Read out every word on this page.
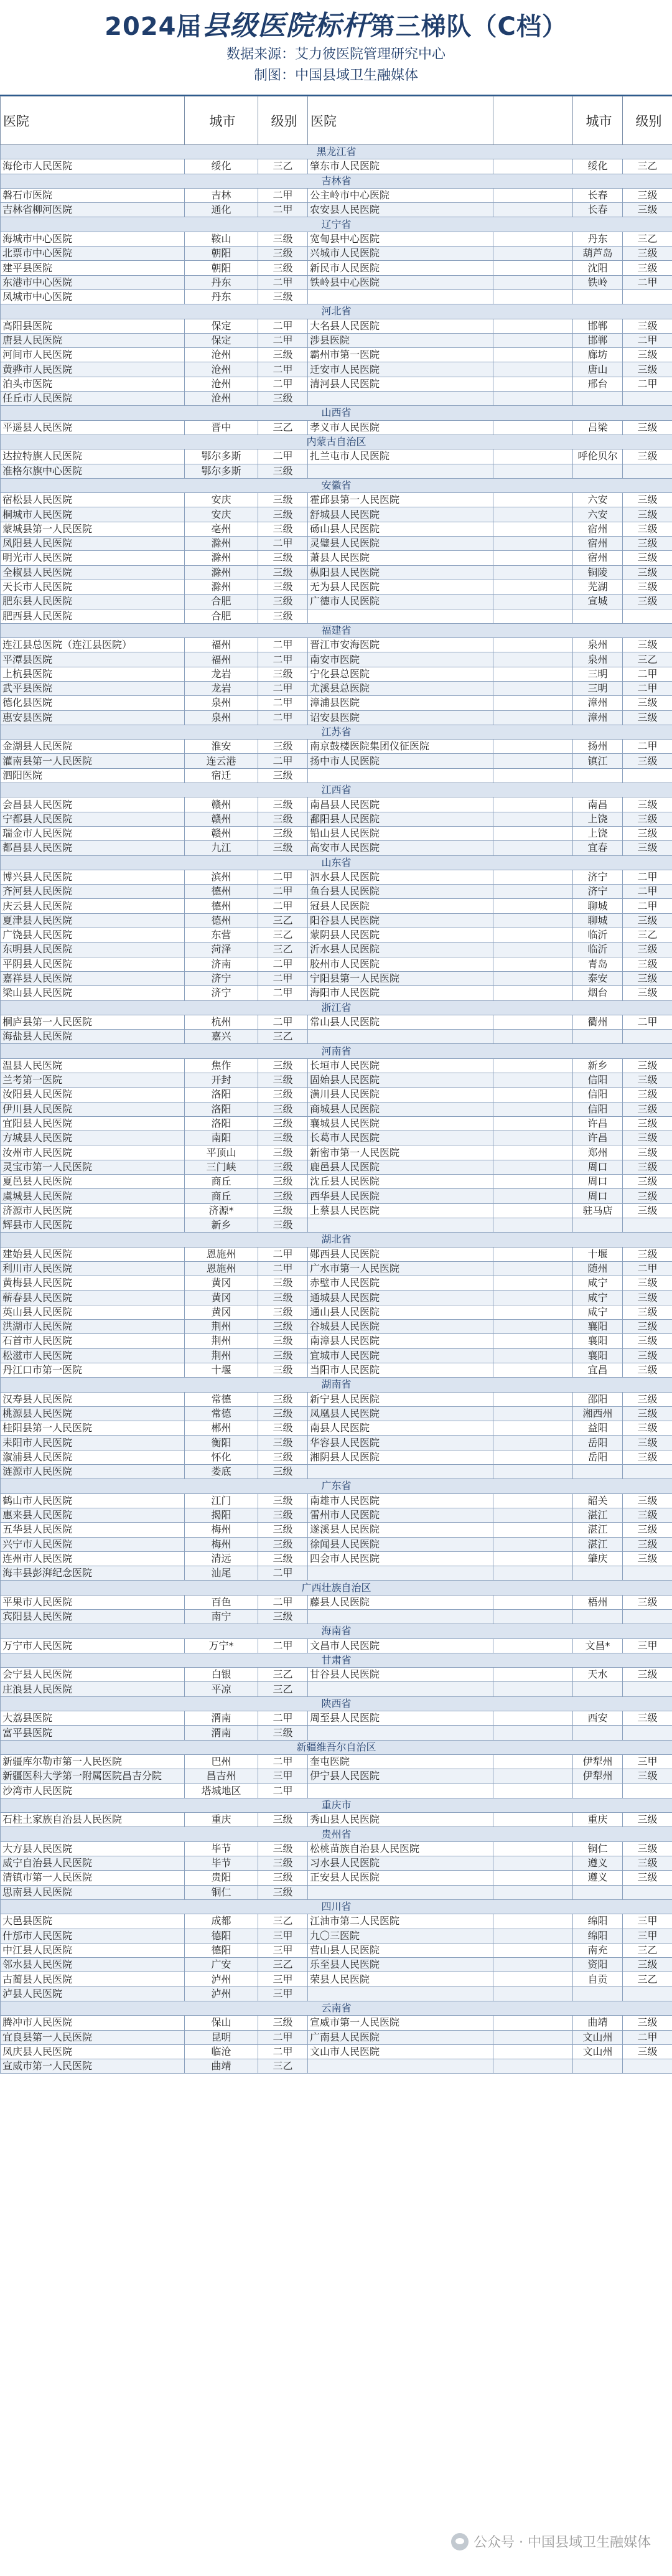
2024届县级医院标杆第三梯队（C档）
数据来源：艾力彼医院管理研究中心
制图：中国县域卫生融媒体
医院	城市	级别	医院		城市	级别
黑龙江省						
海伦市人民医院	绥化	三乙	肇东市人民医院		绥化	三乙
吉林省						
磐石市医院	吉林	二甲	公主岭市中心医院		长春	三级
吉林省柳河医院	通化	二甲	农安县人民医院		长春	三级
辽宁省						
海城市中心医院	鞍山	三级	宽甸县中心医院		丹东	三乙
北票市中心医院	朝阳	三级	兴城市人民医院		葫芦岛	三级
建平县医院	朝阳	三级	新民市人民医院		沈阳	三级
东港市中心医院	丹东	二甲	铁岭县中心医院		铁岭	二甲
凤城市中心医院	丹东	三级				
河北省						
高阳县医院	保定	二甲	大名县人民医院		邯郸	三级
唐县人民医院	保定	二甲	涉县医院		邯郸	二甲
河间市人民医院	沧州	三级	霸州市第一医院		廊坊	三级
黄骅市人民医院	沧州	二甲	迁安市人民医院		唐山	三级
泊头市医院	沧州	二甲	清河县人民医院		邢台	二甲
任丘市人民医院	沧州	三级				
山西省						
平遥县人民医院	晋中	三乙	孝义市人民医院		吕梁	三级
内蒙古自治区						
达拉特旗人民医院	鄂尔多斯	二甲	扎兰屯市人民医院		呼伦贝尔	三级
准格尔旗中心医院	鄂尔多斯	三级				
安徽省						
宿松县人民医院	安庆	三级	霍邱县第一人民医院		六安	三级
桐城市人民医院	安庆	三级	舒城县人民医院		六安	三级
蒙城县第一人民医院	亳州	三级	砀山县人民医院		宿州	三级
凤阳县人民医院	滁州	二甲	灵璧县人民医院		宿州	三级
明光市人民医院	滁州	三级	萧县人民医院		宿州	三级
全椒县人民医院	滁州	三级	枞阳县人民医院		铜陵	三级
天长市人民医院	滁州	三级	无为县人民医院		芜湖	三级
肥东县人民医院	合肥	三级	广德市人民医院		宣城	三级
肥西县人民医院	合肥	三级				
福建省						
连江县总医院（连江县医院）	福州	二甲	晋江市安海医院		泉州	三级
平潭县医院	福州	二甲	南安市医院		泉州	三乙
上杭县医院	龙岩	三级	宁化县总医院		三明	二甲
武平县医院	龙岩	二甲	尤溪县总医院		三明	二甲
德化县医院	泉州	二甲	漳浦县医院		漳州	三级
惠安县医院	泉州	二甲	诏安县医院		漳州	三级
江苏省						
金湖县人民医院	淮安	三级	南京鼓楼医院集团仪征医院		扬州	二甲
灌南县第一人民医院	连云港	二甲	扬中市人民医院		镇江	三级
泗阳医院	宿迁	三级				
江西省						
会昌县人民医院	赣州	三级	南昌县人民医院		南昌	三级
宁都县人民医院	赣州	三级	鄱阳县人民医院		上饶	三级
瑞金市人民医院	赣州	三级	铅山县人民医院		上饶	三级
都昌县人民医院	九江	三级	高安市人民医院		宜春	三级
山东省						
博兴县人民医院	滨州	二甲	泗水县人民医院		济宁	二甲
齐河县人民医院	德州	二甲	鱼台县人民医院		济宁	二甲
庆云县人民医院	德州	二甲	冠县人民医院		聊城	二甲
夏津县人民医院	德州	三乙	阳谷县人民医院		聊城	三级
广饶县人民医院	东营	三乙	蒙阴县人民医院		临沂	三乙
东明县人民医院	菏泽	三乙	沂水县人民医院		临沂	三级
平阴县人民医院	济南	二甲	胶州市人民医院		青岛	三级
嘉祥县人民医院	济宁	二甲	宁阳县第一人民医院		泰安	三级
梁山县人民医院	济宁	二甲	海阳市人民医院		烟台	三级
浙江省						
桐庐县第一人民医院	杭州	二甲	常山县人民医院		衢州	二甲
海盐县人民医院	嘉兴	三乙				
河南省						
温县人民医院	焦作	三级	长垣市人民医院		新乡	三级
兰考第一医院	开封	三级	固始县人民医院		信阳	三级
汝阳县人民医院	洛阳	三级	潢川县人民医院		信阳	三级
伊川县人民医院	洛阳	三级	商城县人民医院		信阳	三级
宜阳县人民医院	洛阳	三级	襄城县人民医院		许昌	三级
方城县人民医院	南阳	三级	长葛市人民医院		许昌	三级
汝州市人民医院	平顶山	三级	新密市第一人民医院		郑州	三级
灵宝市第一人民医院	三门峡	三级	鹿邑县人民医院		周口	三级
夏邑县人民医院	商丘	三级	沈丘县人民医院		周口	三级
虞城县人民医院	商丘	三级	西华县人民医院		周口	三级
济源市人民医院	济源*	三级	上蔡县人民医院		驻马店	三级
辉县市人民医院	新乡	三级				
湖北省						
建始县人民医院	恩施州	二甲	郧西县人民医院		十堰	三级
利川市人民医院	恩施州	二甲	广水市第一人民医院		随州	二甲
黄梅县人民医院	黄冈	三级	赤壁市人民医院		咸宁	三级
蕲春县人民医院	黄冈	三级	通城县人民医院		咸宁	三级
英山县人民医院	黄冈	三级	通山县人民医院		咸宁	三级
洪湖市人民医院	荆州	三级	谷城县人民医院		襄阳	三级
石首市人民医院	荆州	三级	南漳县人民医院		襄阳	三级
松滋市人民医院	荆州	三级	宜城市人民医院		襄阳	三级
丹江口市第一医院	十堰	三级	当阳市人民医院		宜昌	三级
湖南省						
汉寿县人民医院	常德	三级	新宁县人民医院		邵阳	三级
桃源县人民医院	常德	三级	凤凰县人民医院		湘西州	三级
桂阳县第一人民医院	郴州	三级	南县人民医院		益阳	三级
耒阳市人民医院	衡阳	三级	华容县人民医院		岳阳	三级
溆浦县人民医院	怀化	三级	湘阴县人民医院		岳阳	三级
涟源市人民医院	娄底	三级				
广东省						
鹤山市人民医院	江门	三级	南雄市人民医院		韶关	三级
惠来县人民医院	揭阳	三级	雷州市人民医院		湛江	三级
五华县人民医院	梅州	三级	遂溪县人民医院		湛江	三级
兴宁市人民医院	梅州	三级	徐闻县人民医院		湛江	三级
连州市人民医院	清远	三级	四会市人民医院		肇庆	三级
海丰县彭湃纪念医院	汕尾	二甲				
广西壮族自治区						
平果市人民医院	百色	二甲	藤县人民医院		梧州	三级
宾阳县人民医院	南宁	三级				
海南省						
万宁市人民医院	万宁*	二甲	文昌市人民医院		文昌*	三甲
甘肃省						
会宁县人民医院	白银	三乙	甘谷县人民医院		天水	三级
庄浪县人民医院	平凉	三乙				
陕西省						
大荔县医院	渭南	二甲	周至县人民医院		西安	三级
富平县医院	渭南	三级				
新疆维吾尔自治区						
新疆库尔勒市第一人民医院	巴州	二甲	奎屯医院		伊犁州	三甲
新疆医科大学第一附属医院昌吉分院	昌吉州	三甲	伊宁县人民医院		伊犁州	三级
沙湾市人民医院	塔城地区	二甲				
重庆市						
石柱土家族自治县人民医院	重庆	三级	秀山县人民医院		重庆	三级
贵州省						
大方县人民医院	毕节	三级	松桃苗族自治县人民医院		铜仁	三级
威宁自治县人民医院	毕节	三级	习水县人民医院		遵义	三级
清镇市第一人民医院	贵阳	三级	正安县人民医院		遵义	三级
思南县人民医院	铜仁	三级				
四川省						
大邑县医院	成都	三乙	江油市第二人民医院		绵阳	三甲
什邡市人民医院	德阳	三甲	九〇三医院		绵阳	三甲
中江县人民医院	德阳	三甲	营山县人民医院		南充	三乙
邻水县人民医院	广安	三乙	乐至县人民医院		资阳	三级
古蔺县人民医院	泸州	三甲	荣县人民医院		自贡	三乙
泸县人民医院	泸州	三甲				
云南省						
腾冲市人民医院	保山	三级	宣威市第一人民医院		曲靖	三级
宜良县第一人民医院	昆明	二甲	广南县人民医院		文山州	二甲
凤庆县人民医院	临沧	二甲	文山市人民医院		文山州	三级
宣威市第一人民医院	曲靖	三乙				
公众号 · 中国县域卫生融媒体
